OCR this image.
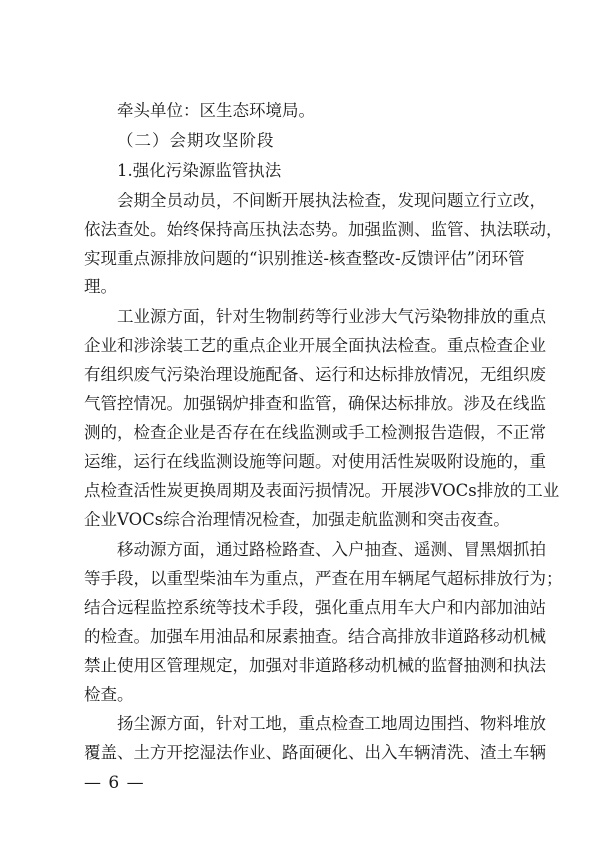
牵头单位：区生态环境局。
（二）会期攻坚阶段
1.强化污染源监管执法
会期全员动员，不间断开展执法检查，发现问题立行立改，
依法查处。始终保持高压执法态势。加强监测、监管、执法联动，
实现重点源排放问题的“识别推送-核查整改-反馈评估”闭环管
理。
工业源方面，针对生物制药等行业涉大气污染物排放的重点
企业和涉涂装工艺的重点企业开展全面执法检查。重点检查企业
有组织废气污染治理设施配备、运行和达标排放情况，无组织废
气管控情况。加强锅炉排查和监管，确保达标排放。涉及在线监
测的，检查企业是否存在在线监测或手工检测报告造假，不正常
运维，运行在线监测设施等问题。对使用活性炭吸附设施的，重
点检查活性炭更换周期及表面污损情况。开展涉VOCs排放的工业
企业VOCs综合治理情况检查，加强走航监测和突击夜查。
移动源方面，通过路检路查、入户抽查、遥测、冒黑烟抓拍
等手段，以重型柴油车为重点，严查在用车辆尾气超标排放行为；
结合远程监控系统等技术手段，强化重点用车大户和内部加油站
的检查。加强车用油品和尿素抽查。结合高排放非道路移动机械
禁止使用区管理规定，加强对非道路移动机械的监督抽测和执法
检查。
扬尘源方面，针对工地，重点检查工地周边围挡、物料堆放
覆盖、土方开挖湿法作业、路面硬化、出入车辆清洗、渣土车辆
— 6 —
